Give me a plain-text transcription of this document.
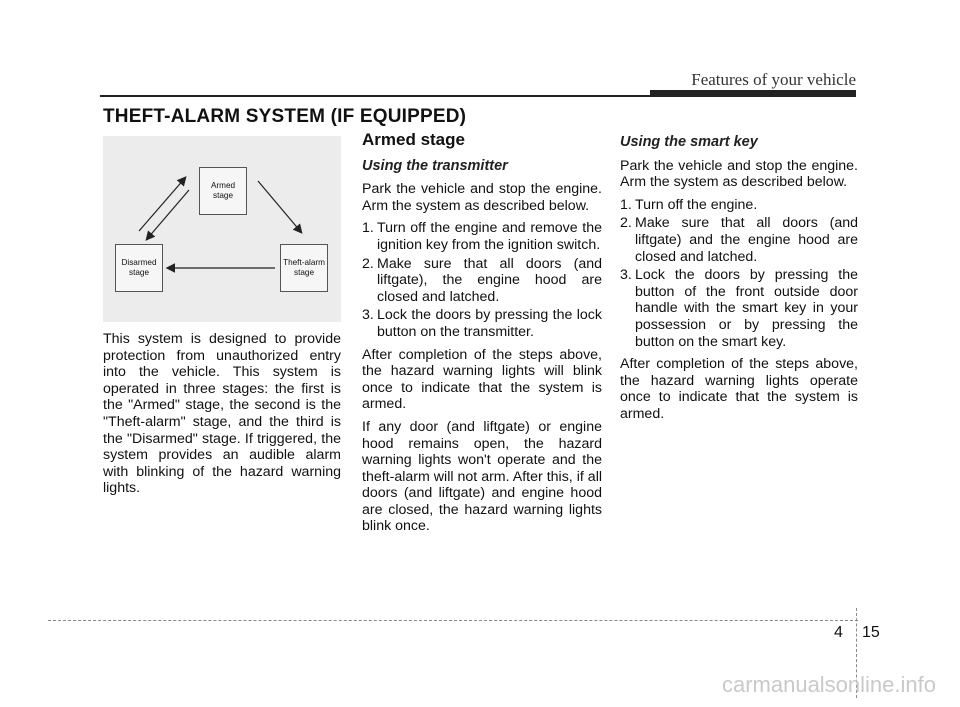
Features of your vehicle
THEFT-ALARM SYSTEM (IF EQUIPPED)
Armed stage
Disarmed stage
Theft-alarm stage

This system is designed to provide protection from unauthorized entry into the vehicle. This system is operated in three stages: the first is the "Armed" stage, the second is the "Theft-alarm" stage, and the third is the "Disarmed" stage. If triggered, the system provides an audible alarm with blinking of the hazard warning lights.

Armed stage
Using the transmitter

Park the vehicle and stop the engine. Arm the system as described below.

1. Turn off the engine and remove the ignition key from the ignition switch.
2. Make sure that all doors (and liftgate), the engine hood are closed and latched.
3. Lock the doors by pressing the lock button on the transmitter.

After completion of the steps above, the hazard warning lights will blink once to indicate that the system is armed.

If any door (and liftgate) or engine hood remains open, the hazard warning lights won't operate and the theft-alarm will not arm. After this, if all doors (and liftgate) and engine hood are closed, the hazard warning lights blink once.

Using the smart key

Park the vehicle and stop the engine. Arm the system as described below.

1. Turn off the engine.
2. Make sure that all doors (and liftgate) and the engine hood are closed and latched.
3. Lock the doors by pressing the button of the front outside door handle with the smart key in your possession or by pressing the button on the smart key.

After completion of the steps above, the hazard warning lights operate once to indicate that the system is armed.

4 15
carmanualsonline.info
